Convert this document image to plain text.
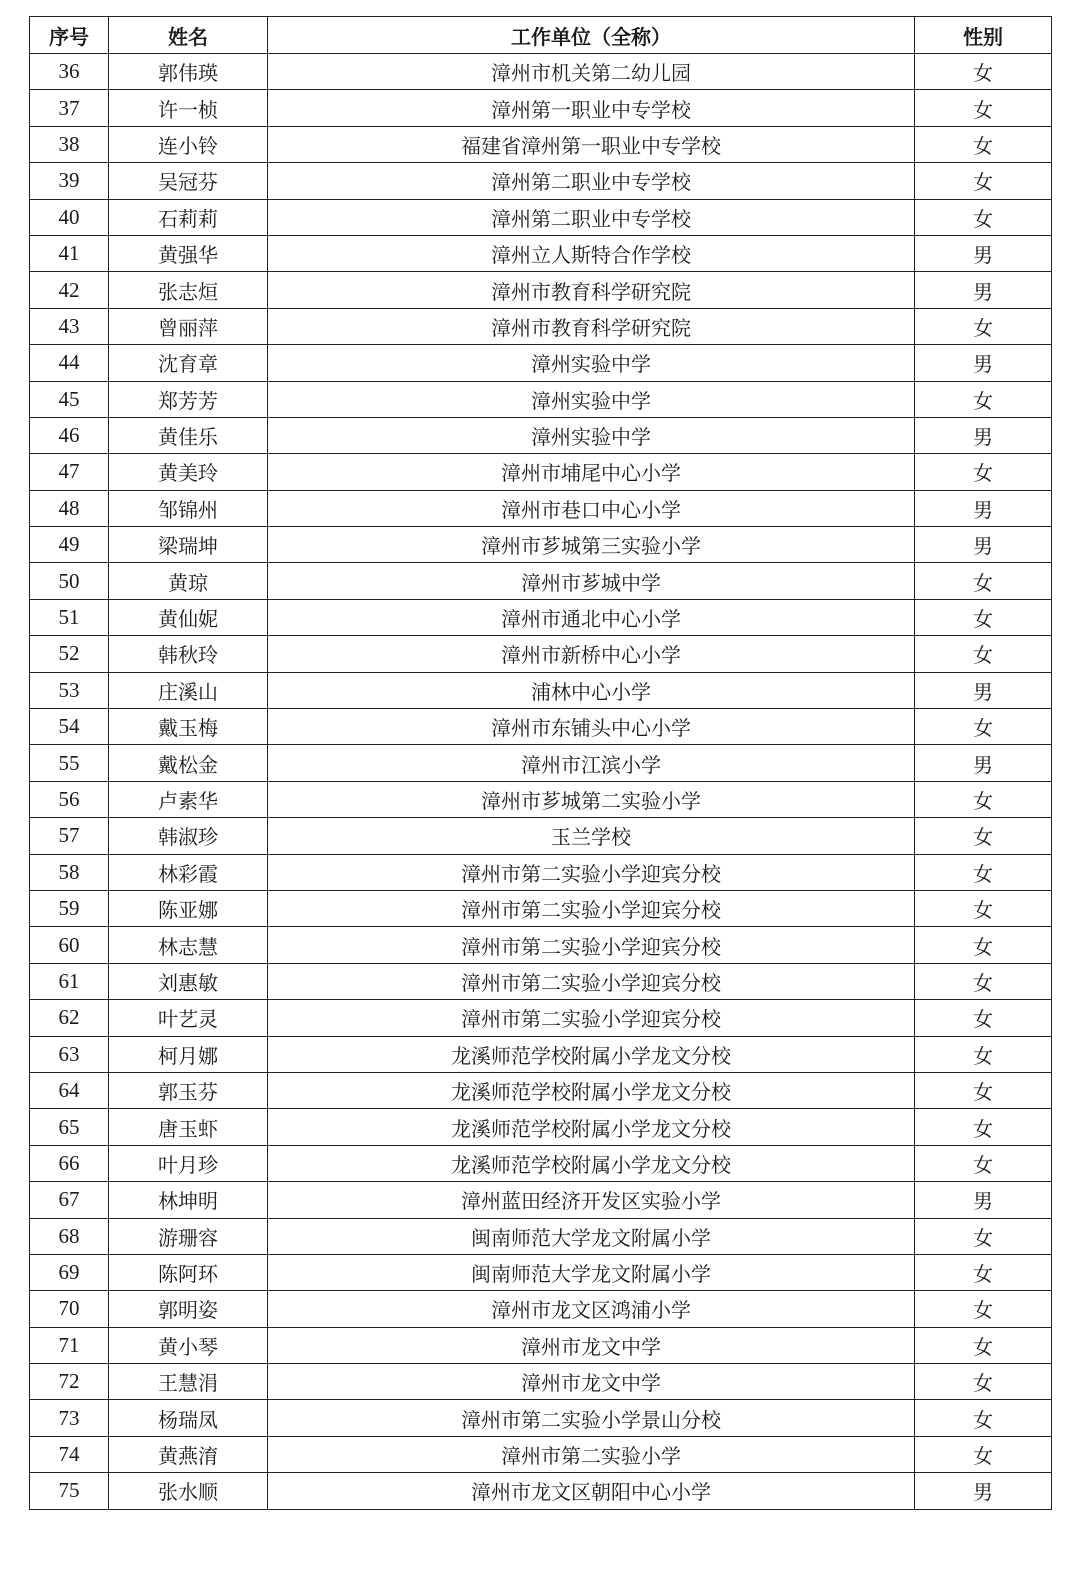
序号	姓名	工作单位（全称）	性别
36	郭伟瑛	漳州市机关第二幼儿园	女
37	许一桢	漳州第一职业中专学校	女
38	连小铃	福建省漳州第一职业中专学校	女
39	吴冠芬	漳州第二职业中专学校	女
40	石莉莉	漳州第二职业中专学校	女
41	黄强华	漳州立人斯特合作学校	男
42	张志烜	漳州市教育科学研究院	男
43	曾丽萍	漳州市教育科学研究院	女
44	沈育章	漳州实验中学	男
45	郑芳芳	漳州实验中学	女
46	黄佳乐	漳州实验中学	男
47	黄美玲	漳州市埔尾中心小学	女
48	邹锦州	漳州市巷口中心小学	男
49	梁瑞坤	漳州市芗城第三实验小学	男
50	黄琼	漳州市芗城中学	女
51	黄仙妮	漳州市通北中心小学	女
52	韩秋玲	漳州市新桥中心小学	女
53	庄溪山	浦林中心小学	男
54	戴玉梅	漳州市东铺头中心小学	女
55	戴松金	漳州市江滨小学	男
56	卢素华	漳州市芗城第二实验小学	女
57	韩淑珍	玉兰学校	女
58	林彩霞	漳州市第二实验小学迎宾分校	女
59	陈亚娜	漳州市第二实验小学迎宾分校	女
60	林志慧	漳州市第二实验小学迎宾分校	女
61	刘惠敏	漳州市第二实验小学迎宾分校	女
62	叶艺灵	漳州市第二实验小学迎宾分校	女
63	柯月娜	龙溪师范学校附属小学龙文分校	女
64	郭玉芬	龙溪师范学校附属小学龙文分校	女
65	唐玉虾	龙溪师范学校附属小学龙文分校	女
66	叶月珍	龙溪师范学校附属小学龙文分校	女
67	林坤明	漳州蓝田经济开发区实验小学	男
68	游珊容	闽南师范大学龙文附属小学	女
69	陈阿环	闽南师范大学龙文附属小学	女
70	郭明姿	漳州市龙文区鸿浦小学	女
71	黄小琴	漳州市龙文中学	女
72	王慧涓	漳州市龙文中学	女
73	杨瑞凤	漳州市第二实验小学景山分校	女
74	黄燕淯	漳州市第二实验小学	女
75	张水顺	漳州市龙文区朝阳中心小学	男
